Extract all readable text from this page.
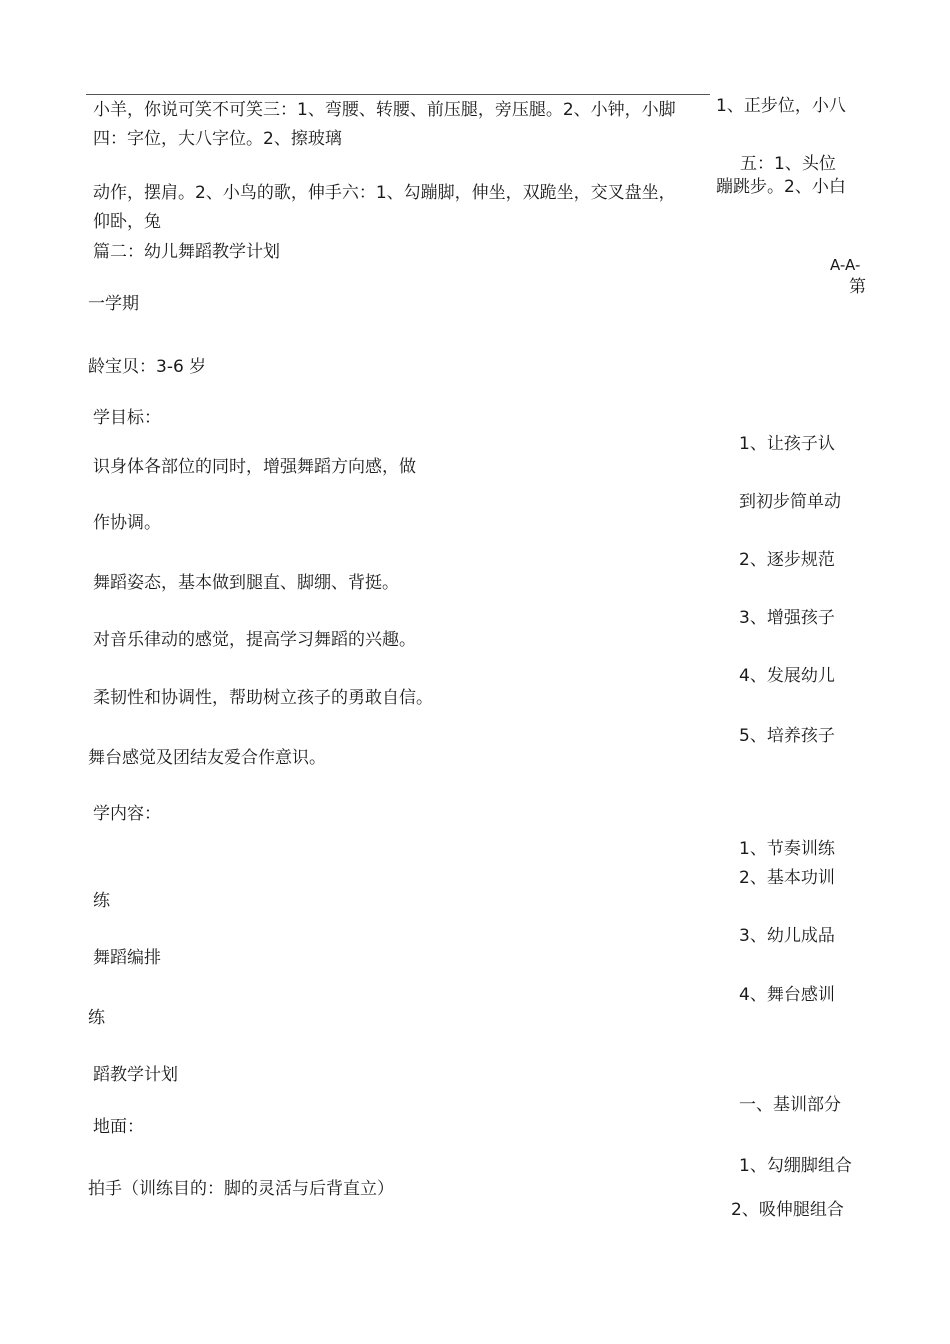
小羊，你说可笑不可笑三：1、弯腰、转腰、前压腿，旁压腿。2、小钟，小脚
四：字位，大八字位。2、擦玻璃
动作，摆肩。2、小鸟的歌，伸手六：1、勾蹦脚，伸坐，双跪坐，交叉盘坐，
仰卧，兔
篇二：幼儿舞蹈教学计划
一学期
龄宝贝：3-6 岁
学目标：
识身体各部位的同时，增强舞蹈方向感，做
作协调。
舞蹈姿态，基本做到腿直、脚绷、背挺。
对音乐律动的感觉，提高学习舞蹈的兴趣。
柔韧性和协调性，帮助树立孩子的勇敢自信。
舞台感觉及团结友爱合作意识。
学内容：
练
舞蹈编排
练
蹈教学计划
地面：
拍手（训练目的：脚的灵活与后背直立）
1、正步位，小八
五：1、头位
蹦跳步。2、小白
A-A-
第
1、让孩子认
到初步简单动
2、逐步规范
3、增强孩子
4、发展幼儿
5、培养孩子
1、节奏训练
2、基本功训
3、幼儿成品
4、舞台感训
一、基训部分
1、勾绷脚组合
2、吸伸腿组合
